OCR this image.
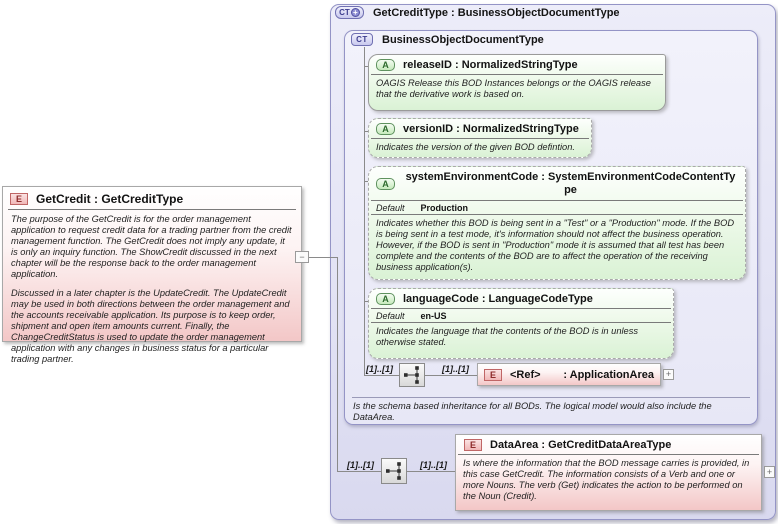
CT + GetCreditType : BusinessObjectDocumentType
CT	BusinessObjectDocumentType
A	releaseID : NormalizedStringType
OAGIS Release this BOD Instances belongs or the OAGIS release that the derivative work is based on.
A	versionID : NormalizedStringType
Indicates the version of the given BOD defintion.
A
systemEnvironmentCode : SystemEnvironmentCodeContentType
Default Production
Indicates whether this BOD is being sent in a "Test" or a "Production" mode. If the BOD is being sent in a test mode, it's information should not affect the business operation. However, if the BOD is sent in "Production" mode it is assumed that all test has been complete and the contents of the BOD are to affect the operation of the receiving business application(s).
A	languageCode : LanguageCodeType
Default en-US
Indicates the language that the contents of the BOD is in unless otherwise stated.
[1]..[1]	[1]..[1]
E	<Ref> : ApplicationArea	+
Is the schema based inheritance for all BODs. The logical model would also include the DataArea.
E	GetCredit : GetCreditType
The purpose of the GetCredit is for the order management application to request credit data for a trading partner from the credit management function. The GetCredit does not imply any update, it is only an inquiry function. The ShowCredit discussed in the next chapter will be the response back to the order management application.
Discussed in a later chapter is the UpdateCredit. The UpdateCredit may be used in both directions between the order management and the accounts receivable application. Its purpose is to keep order, shipment and open item amounts current. Finally, the ChangeCreditStatus is used to update the order management application with any changes in business status for a particular trading partner.
−
[1]..[1]	[1]..[1]
E	DataArea : GetCreditDataAreaType
Is where the information that the BOD message carries is provided, in this case GetCredit. The information consists of a Verb and one or more Nouns. The verb (Get) indicates the action to be performed on the Noun (Credit).
+
